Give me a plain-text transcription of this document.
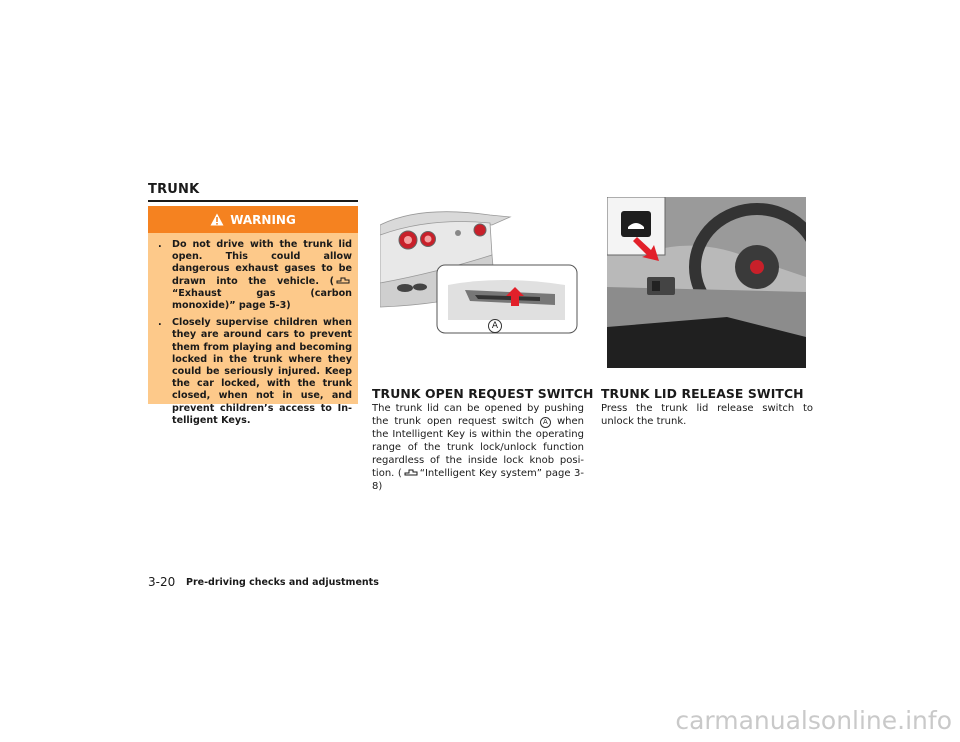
TRUNK
WARNING
. Do not drive with the trunk lid open. This could allow dangerous exhaust gases to be drawn into the vehicle. (“Exhaust gas (carbon monoxide)” page 5-3)
. Closely supervise children when they are around cars to prevent them from playing and becoming locked in the trunk where they could be seriously injured. Keep the car locked, with the trunk closed, when not in use, and prevent children’s access to In-telligent Keys.
A
TRUNK OPEN REQUEST SWITCH
The trunk lid can be opened by pushing the trunk open request switch A when the Intelligent Key is within the operating range of the trunk lock/unlock function regardless of the inside lock knob posi-tion. ( “Intelligent Key system” page 3-8)
TRUNK LID RELEASE SWITCH
Press the trunk lid release switch to unlock the trunk.
3-20 Pre-driving checks and adjustments
carmanualsonline.info
